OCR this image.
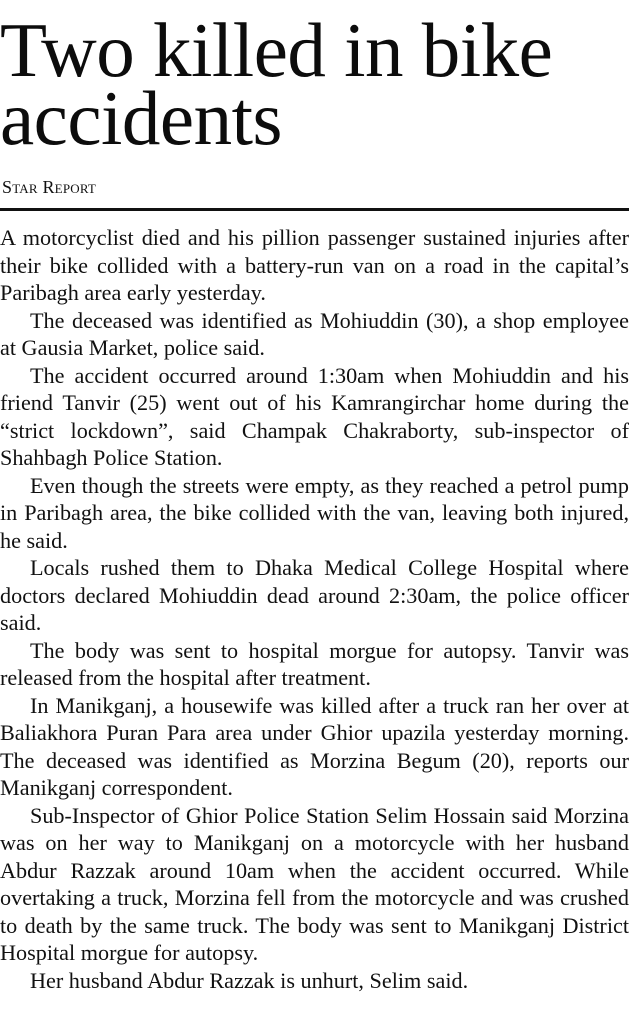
Two killed in bike accidents
Star Report

A motorcyclist died and his pillion passenger sustained injuries after their bike collided with a battery-run van on a road in the capital’s Paribagh area early yesterday.

The deceased was identified as Mohiuddin (30), a shop employee at Gausia Market, police said.

The accident occurred around 1:30am when Mohiuddin and his friend Tanvir (25) went out of his Kamrangirchar home during the “strict lockdown”, said Champak Chakraborty, sub-inspector of Shahbagh Police Station.

Even though the streets were empty, as they reached a petrol pump in Paribagh area, the bike collided with the van, leaving both injured, he said.

Locals rushed them to Dhaka Medical College Hospital where doctors declared Mohiuddin dead around 2:30am, the police officer said.

The body was sent to hospital morgue for autopsy. Tanvir was released from the hospital after treatment.

In Manikganj, a housewife was killed after a truck ran her over at Baliakhora Puran Para area under Ghior upazila yesterday morning. The deceased was identified as Morzina Begum (20), reports our Manikganj correspondent.

Sub-Inspector of Ghior Police Station Selim Hossain said Morzina was on her way to Manikganj on a motorcycle with her husband Abdur Razzak around 10am when the accident occurred. While overtaking a truck, Morzina fell from the motorcycle and was crushed to death by the same truck. The body was sent to Manikganj District Hospital morgue for autopsy.

Her husband Abdur Razzak is unhurt, Selim said.
